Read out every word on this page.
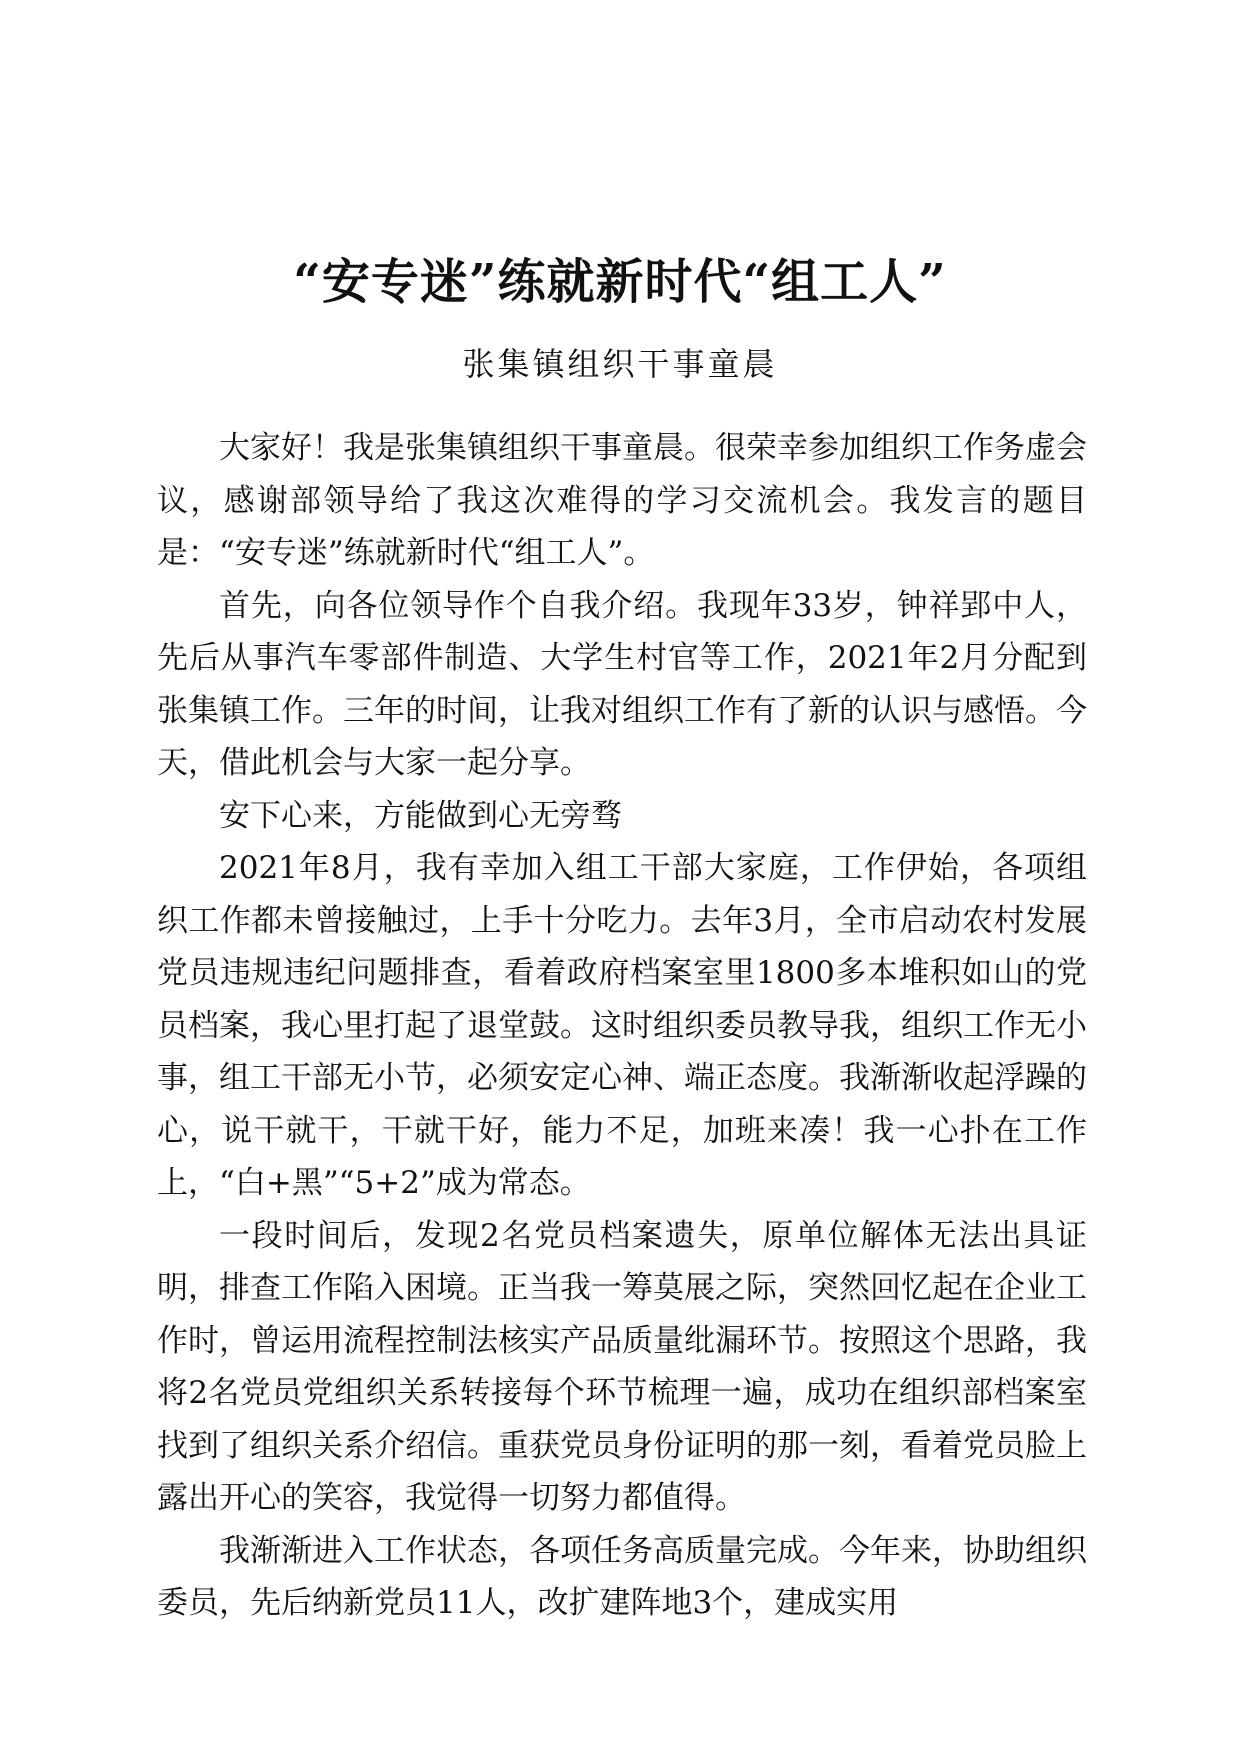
“安专迷”练就新时代“组工人”
张集镇组织干事童晨

大家好！我是张集镇组织干事童晨。很荣幸参加组织工作务虚会议，感谢部领导给了我这次难得的学习交流机会。我发言的题目是：“安专迷”练就新时代“组工人”。

首先，向各位领导作个自我介绍。我现年33岁，钟祥郢中人，先后从事汽车零部件制造、大学生村官等工作，2021年2月分配到张集镇工作。三年的时间，让我对组织工作有了新的认识与感悟。今天，借此机会与大家一起分享。

安下心来，方能做到心无旁骛

2021年8月，我有幸加入组工干部大家庭，工作伊始，各项组织工作都未曾接触过，上手十分吃力。去年3月，全市启动农村发展党员违规违纪问题排查，看着政府档案室里1800多本堆积如山的党员档案，我心里打起了退堂鼓。这时组织委员教导我，组织工作无小事，组工干部无小节，必须安定心神、端正态度。我渐渐收起浮躁的心，说干就干，干就干好，能力不足，加班来凑！我一心扑在工作上，“白+黑”“5+2”成为常态。

一段时间后，发现2名党员档案遗失，原单位解体无法出具证明，排查工作陷入困境。正当我一筹莫展之际，突然回忆起在企业工作时，曾运用流程控制法核实产品质量纰漏环节。按照这个思路，我将2名党员党组织关系转接每个环节梳理一遍，成功在组织部档案室找到了组织关系介绍信。重获党员身份证明的那一刻，看着党员脸上露出开心的笑容，我觉得一切努力都值得。

我渐渐进入工作状态，各项任务高质量完成。今年来，协助组织委员，先后纳新党员11人，改扩建阵地3个，建成实用
